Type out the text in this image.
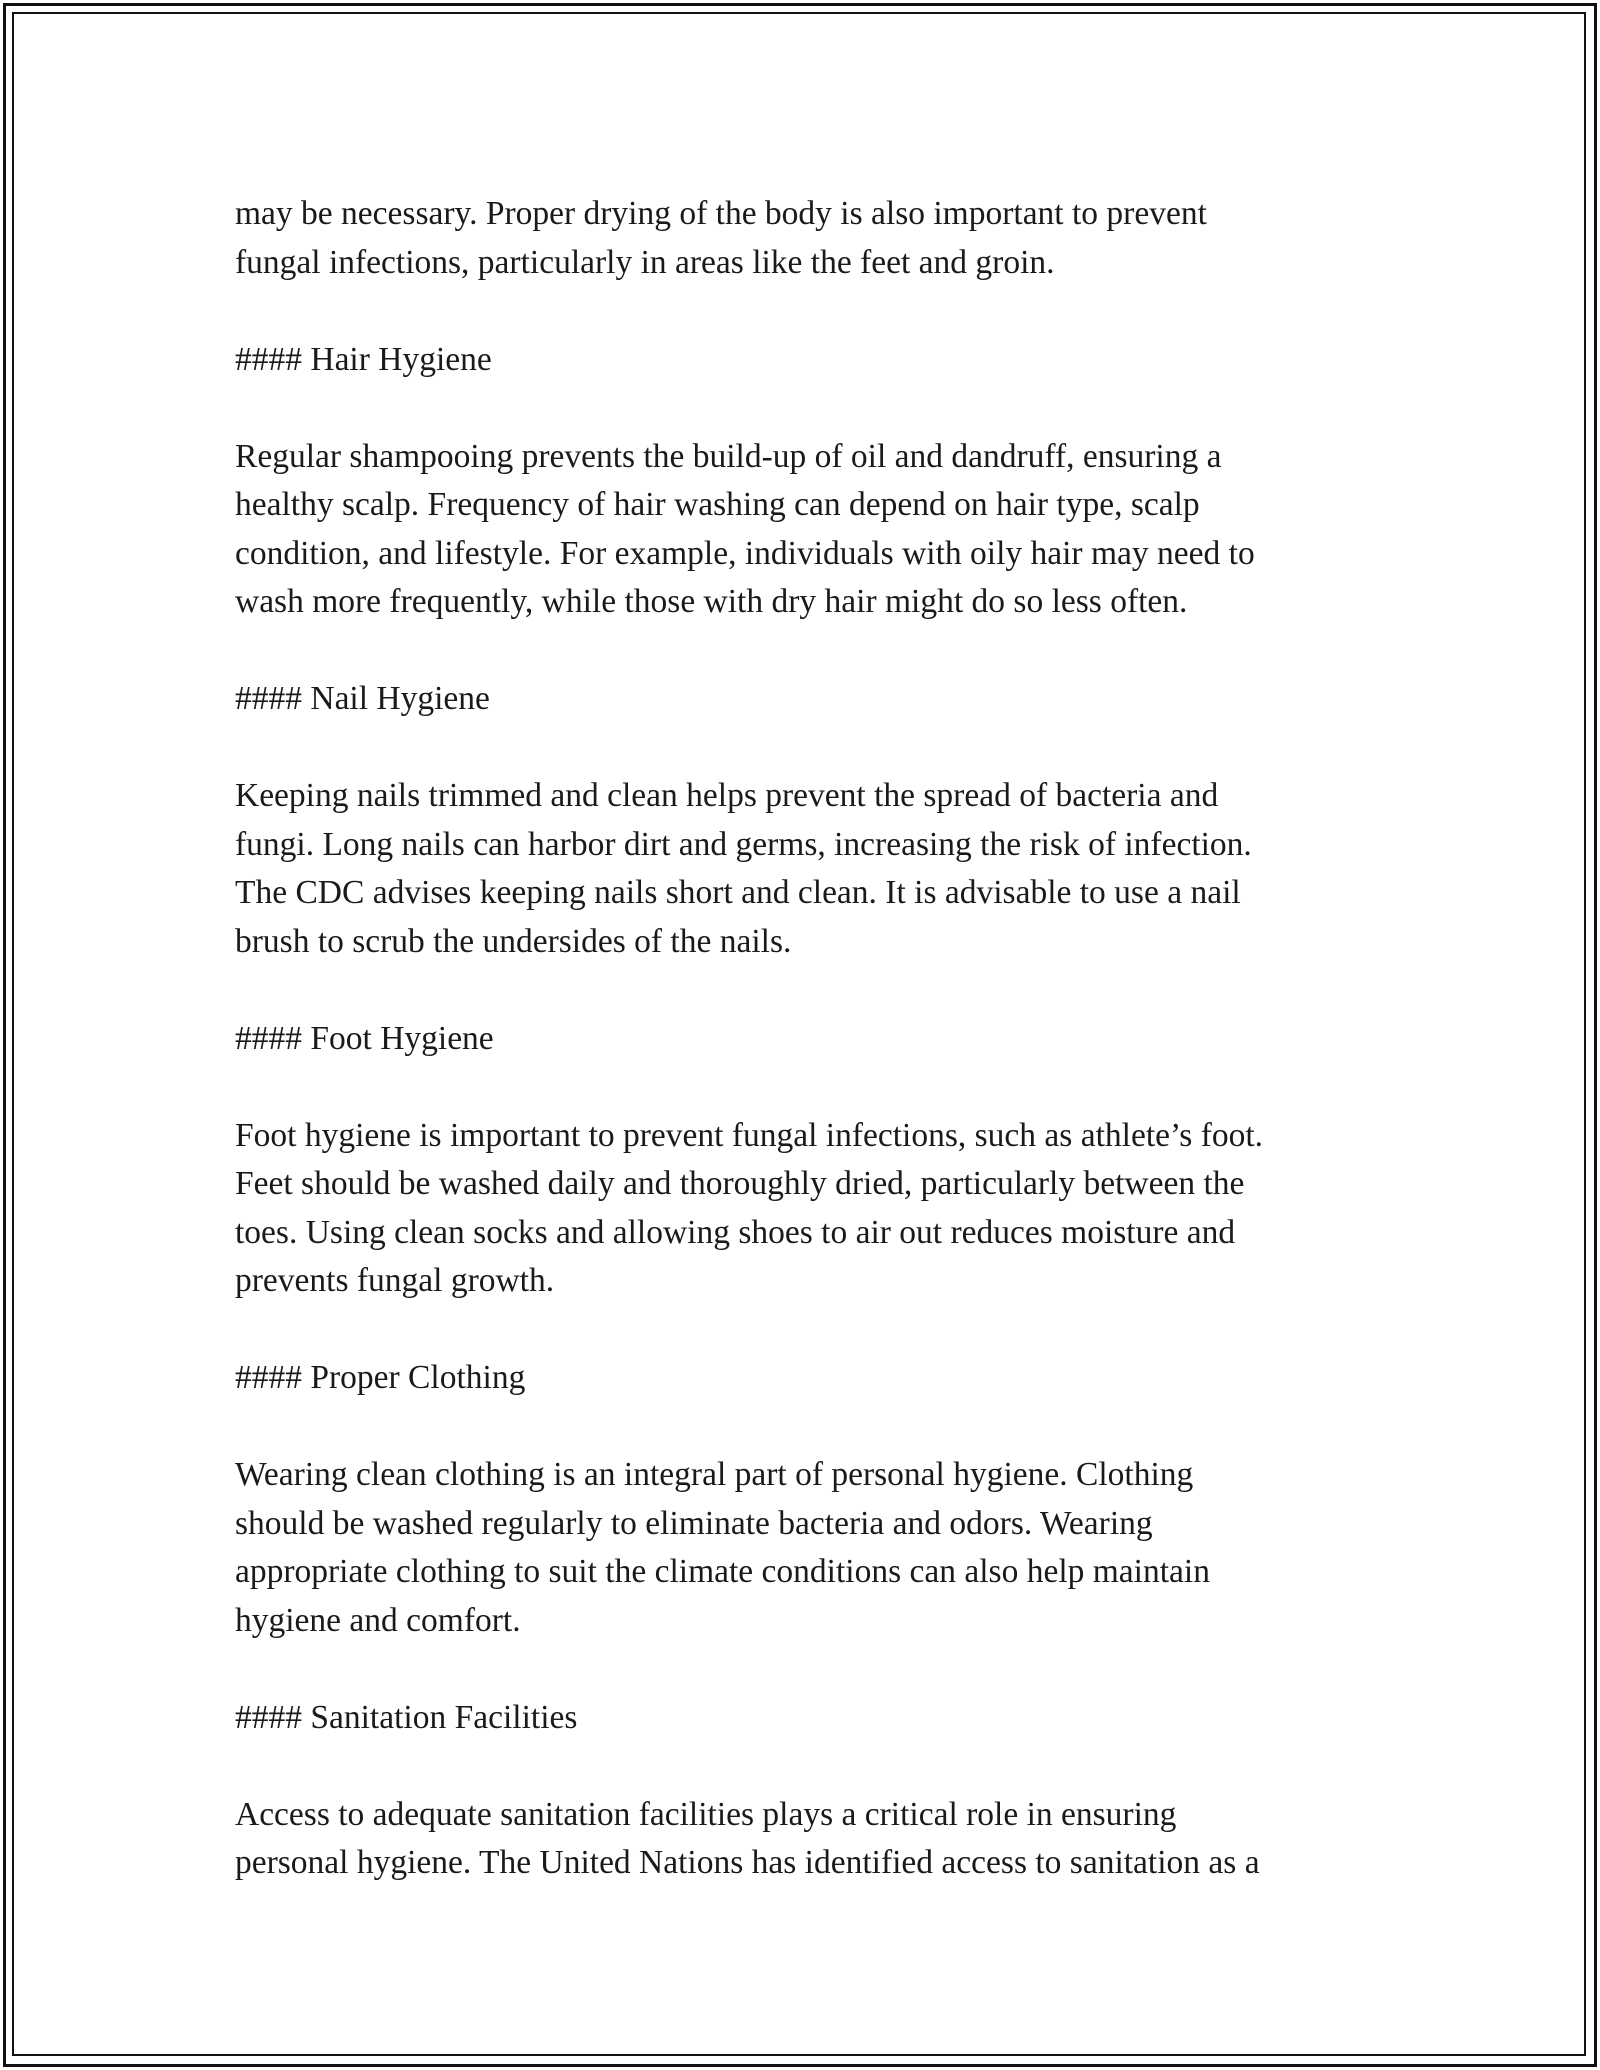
may be necessary. Proper drying of the body is also important to prevent
fungal infections, particularly in areas like the feet and groin.

#### Hair Hygiene

Regular shampooing prevents the build-up of oil and dandruff, ensuring a
healthy scalp. Frequency of hair washing can depend on hair type, scalp
condition, and lifestyle. For example, individuals with oily hair may need to
wash more frequently, while those with dry hair might do so less often.

#### Nail Hygiene

Keeping nails trimmed and clean helps prevent the spread of bacteria and
fungi. Long nails can harbor dirt and germs, increasing the risk of infection.
The CDC advises keeping nails short and clean. It is advisable to use a nail
brush to scrub the undersides of the nails.

#### Foot Hygiene

Foot hygiene is important to prevent fungal infections, such as athlete’s foot.
Feet should be washed daily and thoroughly dried, particularly between the
toes. Using clean socks and allowing shoes to air out reduces moisture and
prevents fungal growth.

#### Proper Clothing

Wearing clean clothing is an integral part of personal hygiene. Clothing
should be washed regularly to eliminate bacteria and odors. Wearing
appropriate clothing to suit the climate conditions can also help maintain
hygiene and comfort.

#### Sanitation Facilities

Access to adequate sanitation facilities plays a critical role in ensuring
personal hygiene. The United Nations has identified access to sanitation as a
